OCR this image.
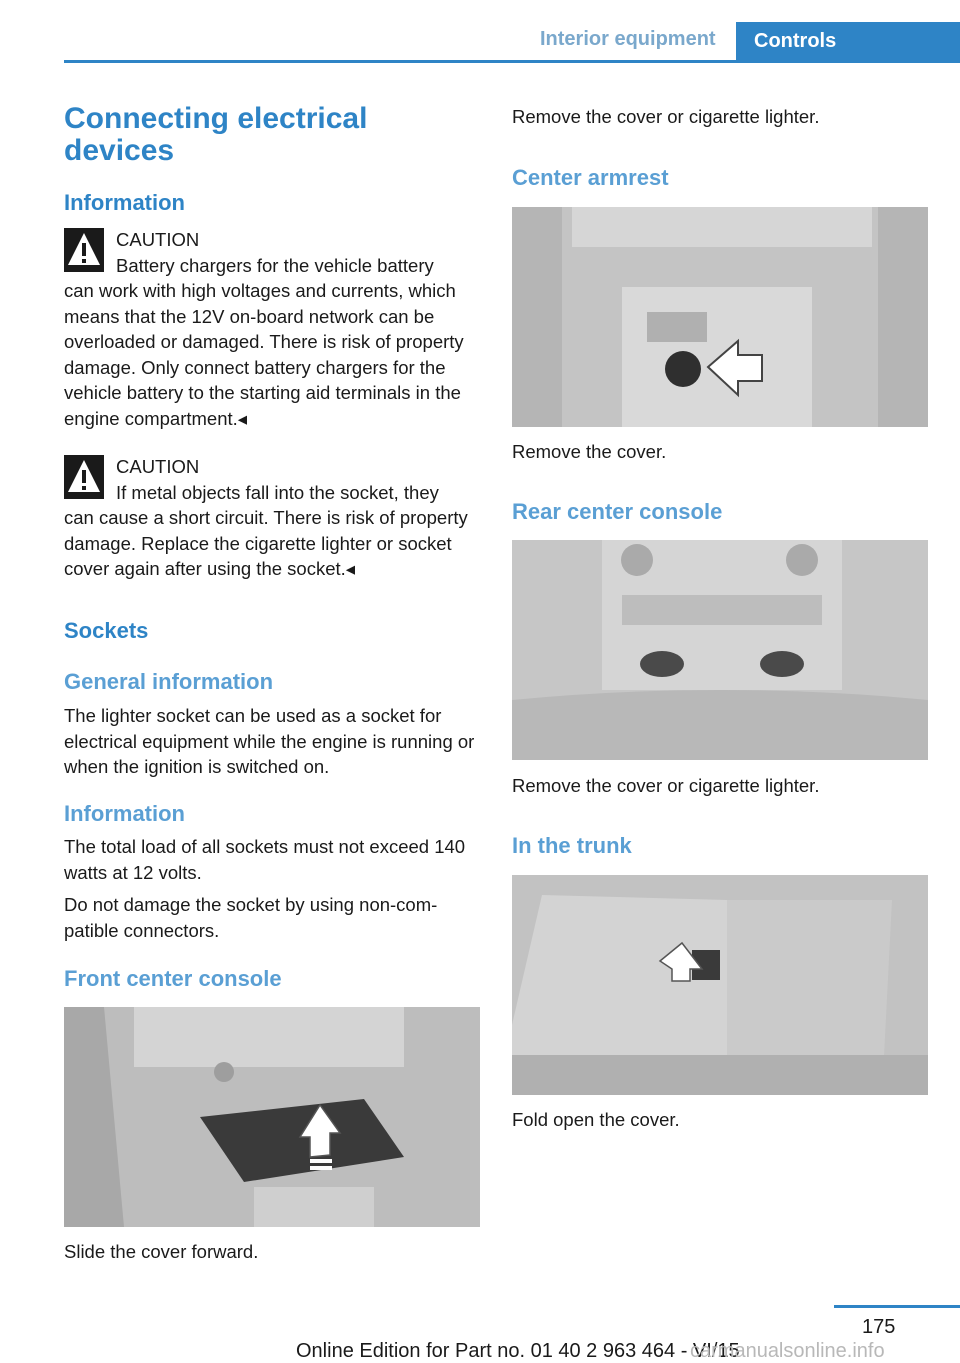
Interior equipment	Controls
Connecting electrical devices
Information
CAUTION
Battery chargers for the vehicle battery
can work with high voltages and currents, which means that the 12V on-board network can be overloaded or damaged. There is risk of property damage. Only connect battery chargers for the vehicle battery to the starting aid terminals in the engine compartment.◂
CAUTION
If metal objects fall into the socket, they
can cause a short circuit. There is risk of property damage. Replace the cigarette lighter or socket cover again after using the socket.◂
Sockets
General information

The lighter socket can be used as a socket for electrical equipment while the engine is running or when the ignition is switched on.

Information

The total load of all sockets must not exceed 140 watts at 12 volts.

Do not damage the socket by using non-compatible connectors.

Front center console

Slide the cover forward.

Remove the cover or cigarette lighter.

Center armrest

Remove the cover.

Rear center console

Remove the cover or cigarette lighter.

In the trunk

Fold open the cover.

175
Online Edition for Part no. 01 40 2 963 464 - VI/15
carmanualsonline.info
